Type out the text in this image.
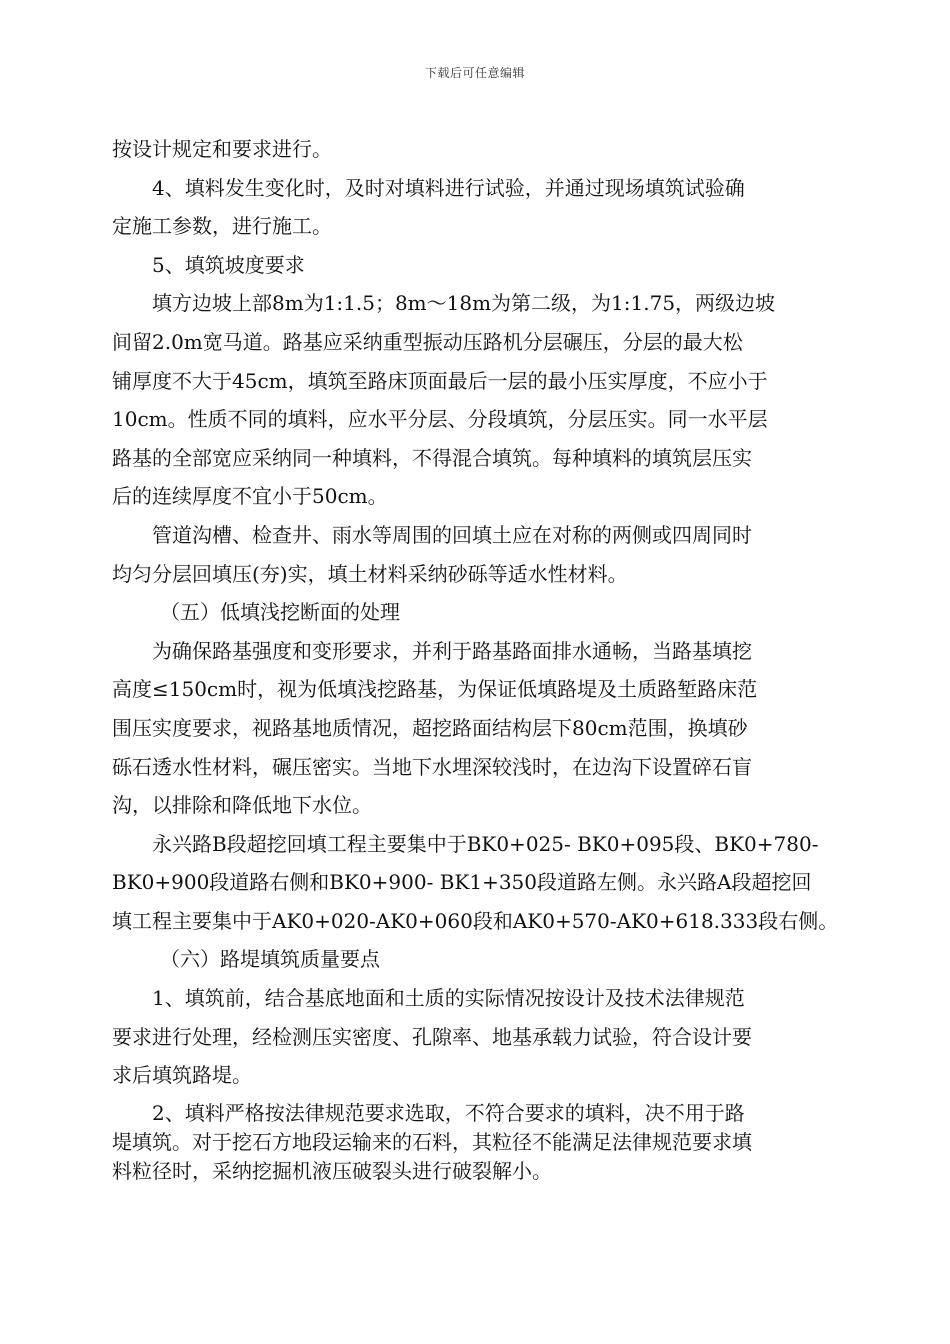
下载后可任意编辑
按设计规定和要求进行。
4、填料发生变化时，及时对填料进行试验，并通过现场填筑试验确
定施工参数，进行施工。
5、填筑坡度要求
填方边坡上部8m为1:1.5；8m～18m为第二级，为1:1.75，两级边坡
间留2.0m宽马道。路基应采纳重型振动压路机分层碾压，分层的最大松
铺厚度不大于45cm，填筑至路床顶面最后一层的最小压实厚度，不应小于
10cm。性质不同的填料，应水平分层、分段填筑，分层压实。同一水平层
路基的全部宽应采纳同一种填料，不得混合填筑。每种填料的填筑层压实
后的连续厚度不宜小于50cm。
管道沟槽、检查井、雨水等周围的回填土应在对称的两侧或四周同时
均匀分层回填压(夯)实，填土材料采纳砂砾等适水性材料。
（五）低填浅挖断面的处理
为确保路基强度和变形要求，并利于路基路面排水通畅，当路基填挖
高度≤150cm时，视为低填浅挖路基，为保证低填路堤及土质路堑路床范
围压实度要求，视路基地质情况，超挖路面结构层下80cm范围，换填砂
砾石透水性材料，碾压密实。当地下水埋深较浅时，在边沟下设置碎石盲
沟，以排除和降低地下水位。
永兴路B段超挖回填工程主要集中于BK0+025- BK0+095段、BK0+780-
BK0+900段道路右侧和BK0+900- BK1+350段道路左侧。永兴路A段超挖回
填工程主要集中于AK0+020-AK0+060段和AK0+570-AK0+618.333段右侧。
（六）路堤填筑质量要点
1、填筑前，结合基底地面和土质的实际情况按设计及技术法律规范
要求进行处理，经检测压实密度、孔隙率、地基承载力试验，符合设计要
求后填筑路堤。
2、填料严格按法律规范要求选取，不符合要求的填料，决不用于路
堤填筑。对于挖石方地段运输来的石料，其粒径不能满足法律规范要求填
料粒径时，采纳挖掘机液压破裂头进行破裂解小。
